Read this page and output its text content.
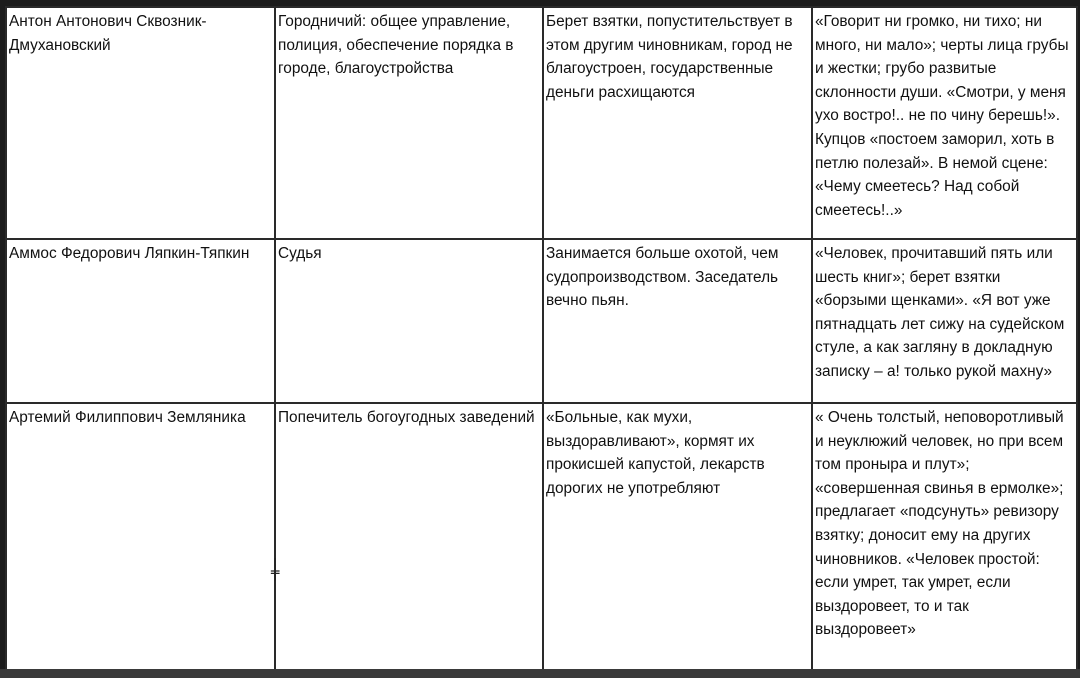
Антон Антонович Сквозник-Дмухановский	Городничий: общее управление, полиция, обеспечение порядка в городе, благоустройства	Берет взятки, попустительствует в этом другим чиновникам, город не благоустроен, государственные деньги расхищаются	«Говорит ни громко, ни тихо; ни много, ни мало»; черты лица грубы и жестки; грубо развитые склонности души. «Смотри, у меня ухо востро!.. не по чину берешь!». Купцов «постоем заморил, хоть в петлю полезай». В немой сцене: «Чему смеетесь? Над собой смеетесь!..»

Аммос Федорович Ляпкин-Тяпкин	Судья	Занимается больше охотой, чем судопроизводством. Заседатель вечно пьян.	«Человек, прочитавший пять или шесть книг»; берет взятки «борзыми щенками». «Я вот уже пятнадцать лет сижу на судейском стуле, а как загляну в докладную записку – а! только рукой махну»

Артемий Филиппович Земляника	Попечитель богоугодных заведений	«Больные, как мухи, выздоравливают», кормят их прокисшей капустой, лекарств дорогих не употребляют	« Очень толстый, неповоротливый и неуклюжий человек, но при всем том проныра и плут»; «совершенная свинья в ермолке»; предлагает «подсунуть» ревизору взятку; доносит ему на других чиновников. «Человек простой: если умрет, так умрет, если выздоровеет, то и так выздоровеет»
╷
╪
